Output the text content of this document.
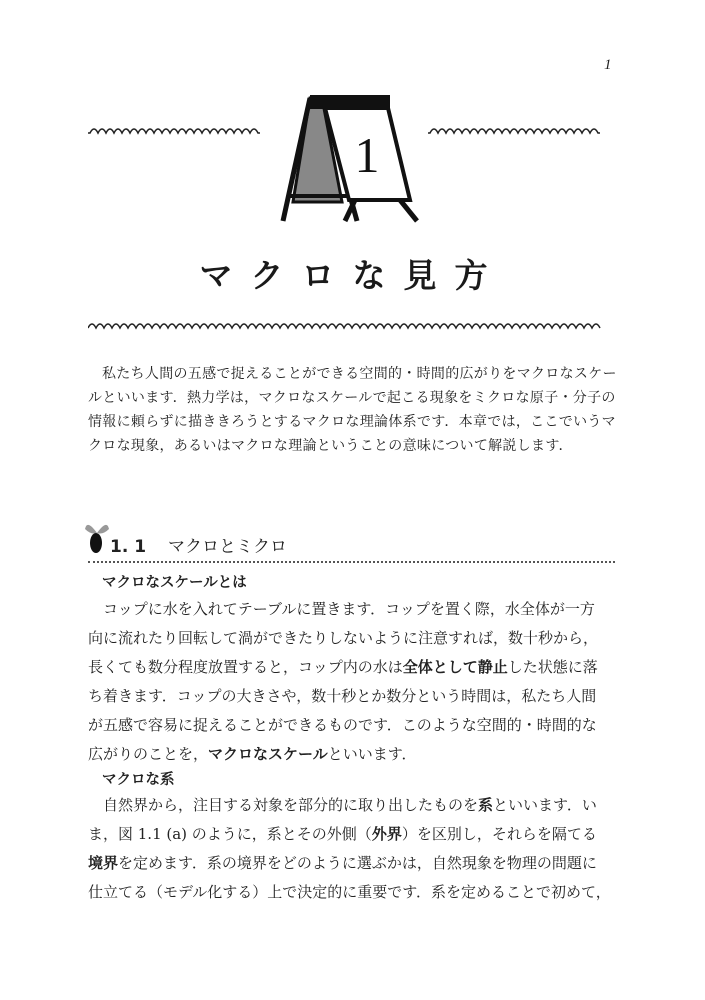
1
1
マクロな見方
私たち人間の五感で捉えることができる空間的・時間的広がりをマクロなスケー
ルといいます．熱力学は，マクロなスケールで起こる現象をミクロな原子・分子の
情報に頼らずに描ききろうとするマクロな理論体系です．本章では，ここでいうマ
クロな現象，あるいはマクロな理論ということの意味について解説します．
1. 1 マクロとミクロ
マクロなスケールとは
コップに水を入れてテーブルに置きます．コップを置く際，水全体が一方
向に流れたり回転して渦ができたりしないように注意すれば，数十秒から，
長くても数分程度放置すると，コップ内の水は全体として静止した状態に落
ち着きます．コップの大きさや，数十秒とか数分という時間は，私たち人間
が五感で容易に捉えることができるものです．このような空間的・時間的な
広がりのことを，マクロなスケールといいます．
マクロな系
自然界から，注目する対象を部分的に取り出したものを系といいます．い
ま，図 1.1 (a) のように，系とその外側（外界）を区別し，それらを隔てる
境界を定めます．系の境界をどのように選ぶかは，自然現象を物理の問題に
仕立てる（モデル化する）上で決定的に重要です．系を定めることで初めて，
